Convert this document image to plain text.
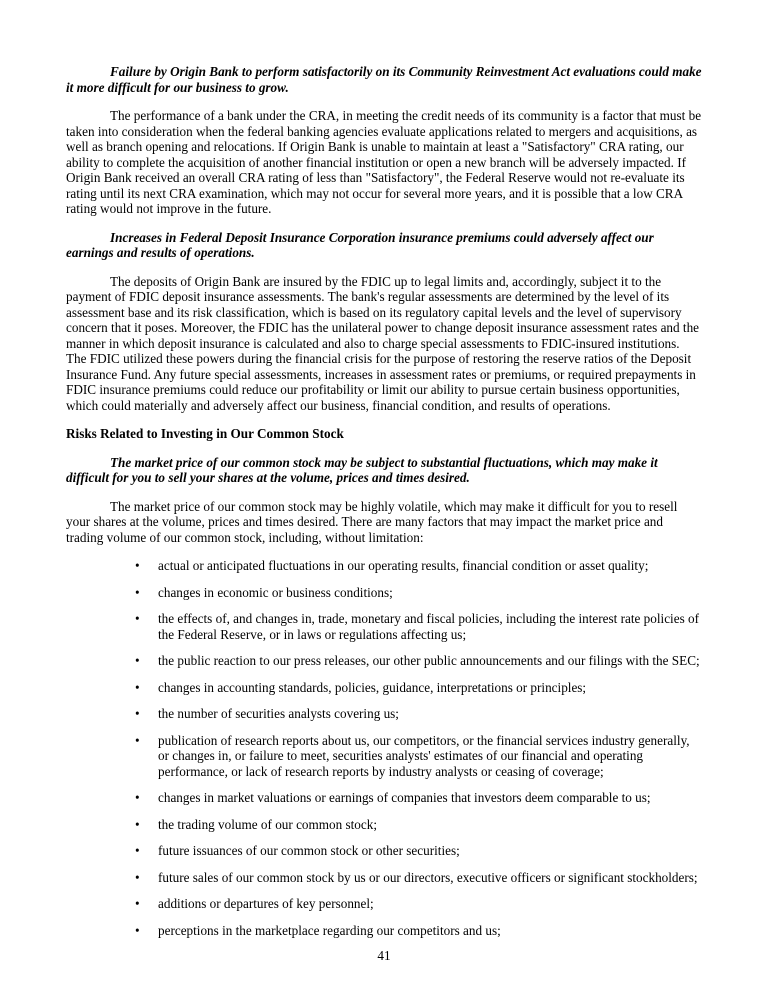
Failure by Origin Bank to perform satisfactorily on its Community Reinvestment Act evaluations could make it more difficult for our business to grow.

The performance of a bank under the CRA, in meeting the credit needs of its community is a factor that must be taken into consideration when the federal banking agencies evaluate applications related to mergers and acquisitions, as well as branch opening and relocations. If Origin Bank is unable to maintain at least a "Satisfactory" CRA rating, our ability to complete the acquisition of another financial institution or open a new branch will be adversely impacted. If Origin Bank received an overall CRA rating of less than "Satisfactory", the Federal Reserve would not re-evaluate its rating until its next CRA examination, which may not occur for several more years, and it is possible that a low CRA rating would not improve in the future.

Increases in Federal Deposit Insurance Corporation insurance premiums could adversely affect our earnings and results of operations.

The deposits of Origin Bank are insured by the FDIC up to legal limits and, accordingly, subject it to the payment of FDIC deposit insurance assessments. The bank's regular assessments are determined by the level of its assessment base and its risk classification, which is based on its regulatory capital levels and the level of supervisory concern that it poses. Moreover, the FDIC has the unilateral power to change deposit insurance assessment rates and the manner in which deposit insurance is calculated and also to charge special assessments to FDIC-insured institutions. The FDIC utilized these powers during the financial crisis for the purpose of restoring the reserve ratios of the Deposit Insurance Fund. Any future special assessments, increases in assessment rates or premiums, or required prepayments in FDIC insurance premiums could reduce our profitability or limit our ability to pursue certain business opportunities, which could materially and adversely affect our business, financial condition, and results of operations.

Risks Related to Investing in Our Common Stock

The market price of our common stock may be subject to substantial fluctuations, which may make it difficult for you to sell your shares at the volume, prices and times desired.

The market price of our common stock may be highly volatile, which may make it difficult for you to resell your shares at the volume, prices and times desired. There are many factors that may impact the market price and trading volume of our common stock, including, without limitation:

•	actual or anticipated fluctuations in our operating results, financial condition or asset quality;
•	changes in economic or business conditions;
•	the effects of, and changes in, trade, monetary and fiscal policies, including the interest rate policies of the Federal Reserve, or in laws or regulations affecting us;
•	the public reaction to our press releases, our other public announcements and our filings with the SEC;
•	changes in accounting standards, policies, guidance, interpretations or principles;
•	the number of securities analysts covering us;
•	publication of research reports about us, our competitors, or the financial services industry generally, or changes in, or failure to meet, securities analysts' estimates of our financial and operating performance, or lack of research reports by industry analysts or ceasing of coverage;
•	changes in market valuations or earnings of companies that investors deem comparable to us;
•	the trading volume of our common stock;
•	future issuances of our common stock or other securities;
•	future sales of our common stock by us or our directors, executive officers or significant stockholders;
•	additions or departures of key personnel;
•	perceptions in the marketplace regarding our competitors and us;
41
